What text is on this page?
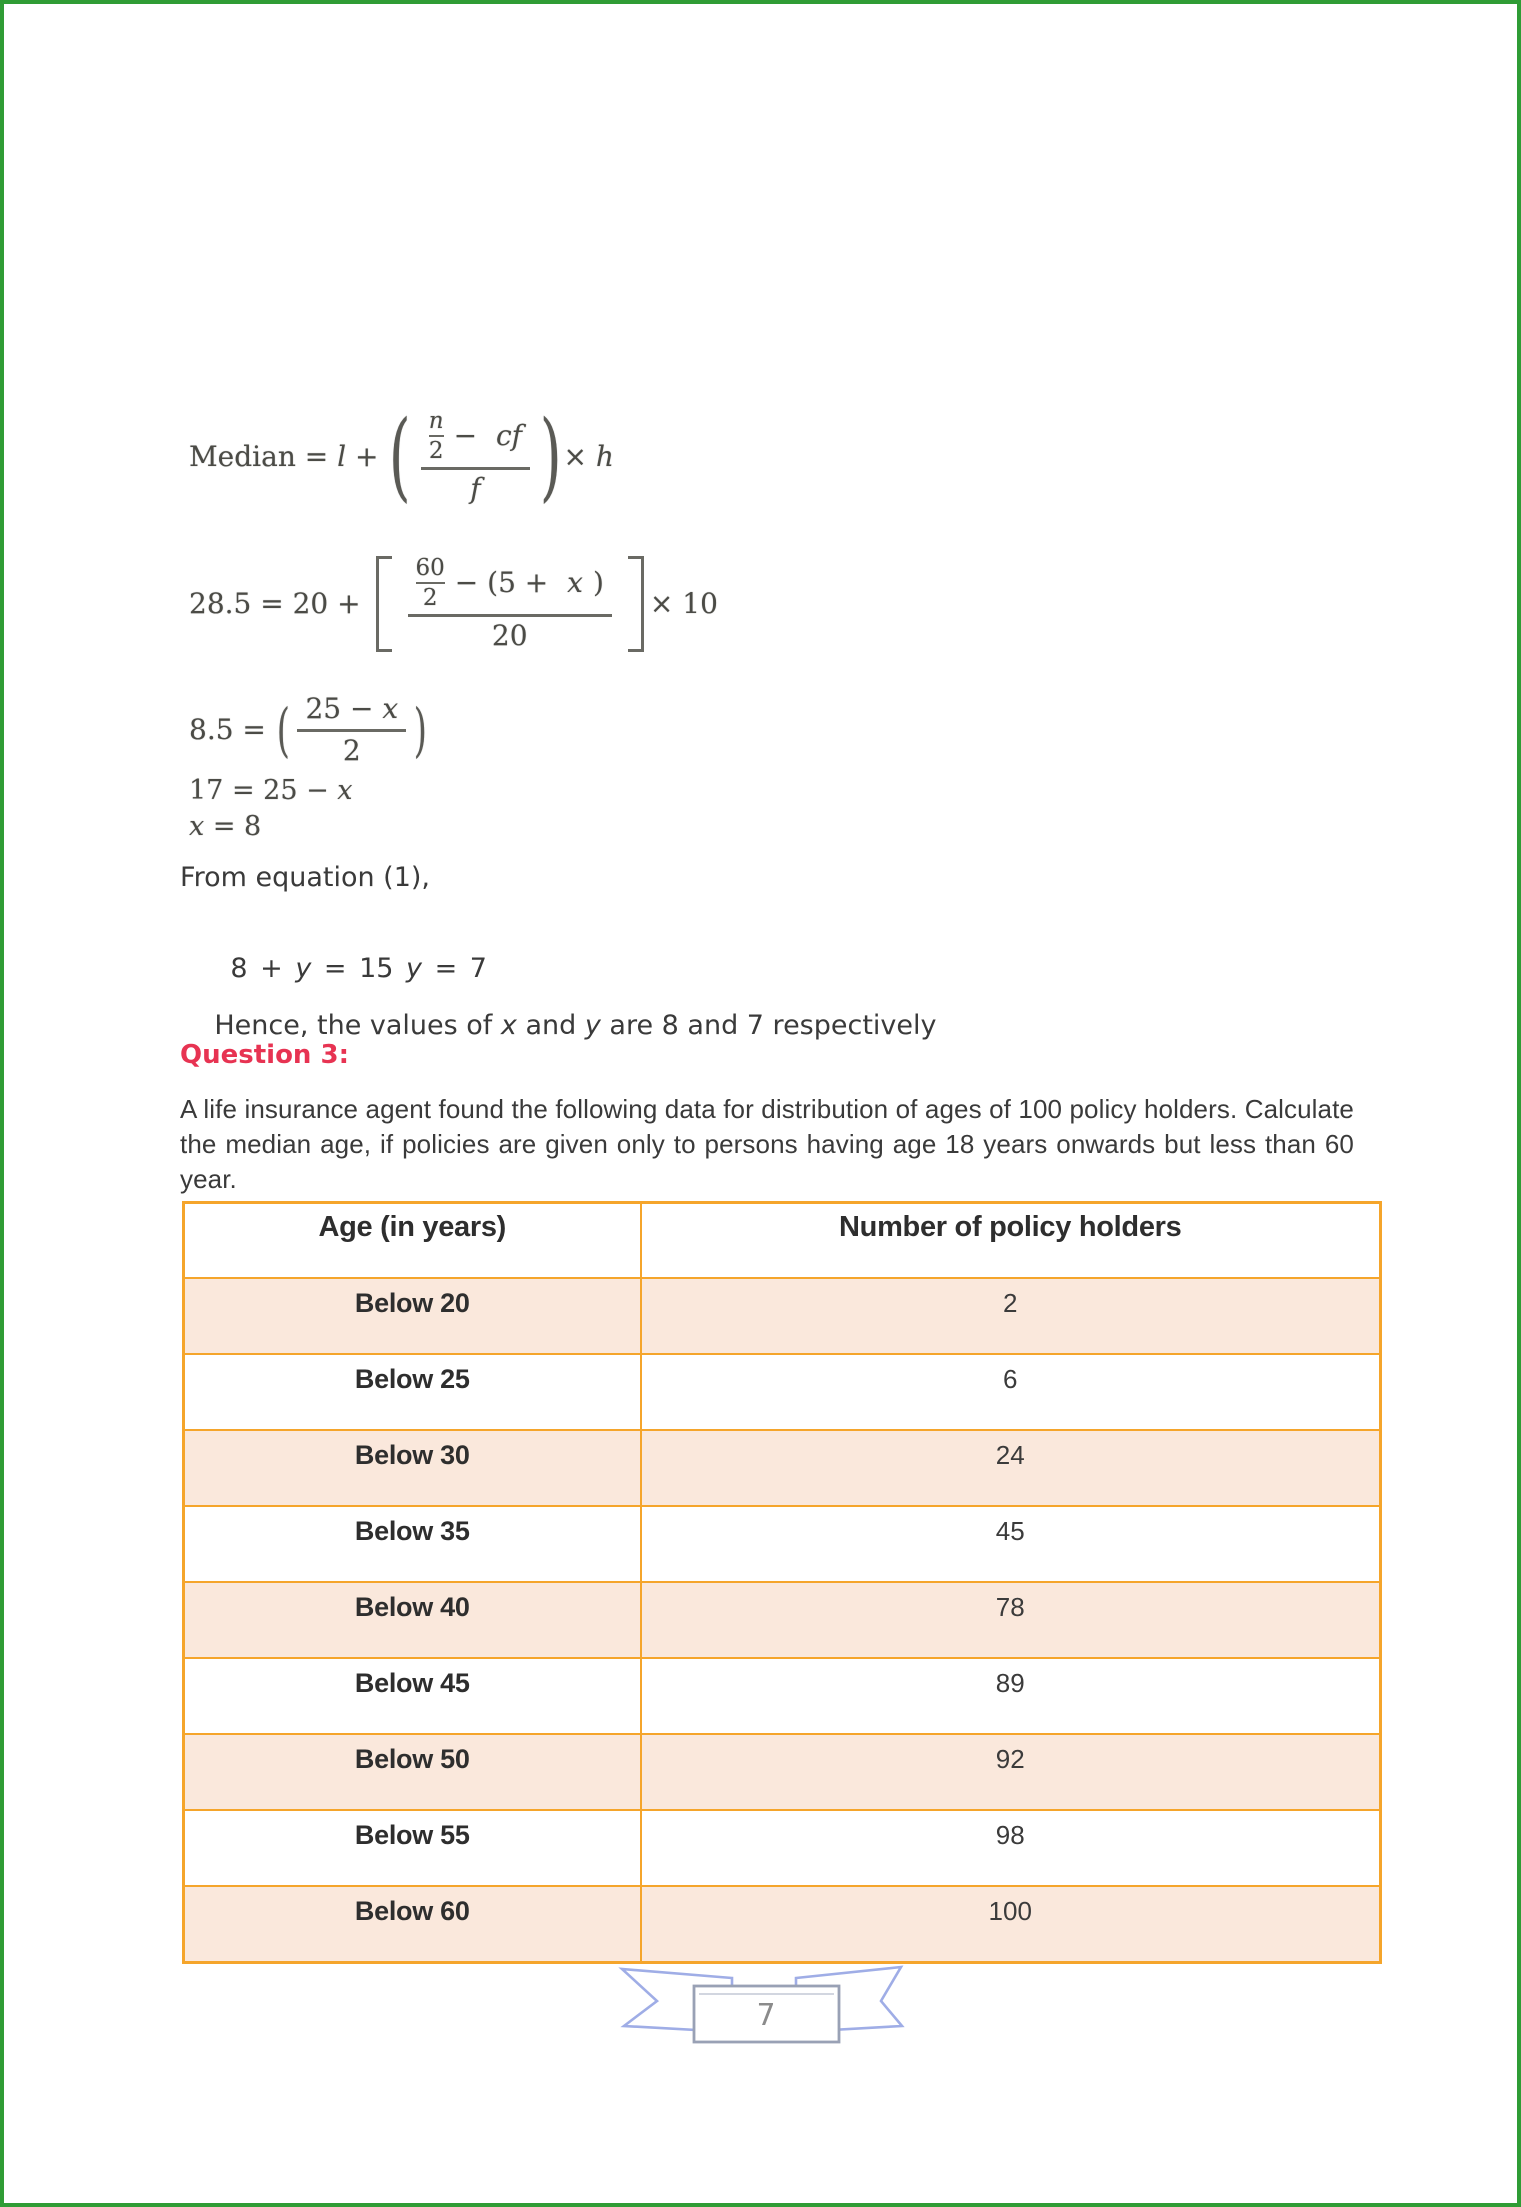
Median = l + ( n
2 − cf
f ) × h
28.5 = 20 + 60
2 − (5 + x )
20 × 10
8.5 = ( $\frac{25 - x}{2}$ )
17 = 25 − x
x = 8
From equation (1),

8 + y = 15 y = 7

Hence, the values of x and y are 8 and 7 respectively

Question 3:
A life insurance agent found the following data for distribution of ages of 100 policy holders. Calculate the median age, if policies are given only to persons having age 18 years onwards but less than 60 year.
Age (in years)	Number of policy holders
Below 20	2
Below 25	6
Below 30	24
Below 35	45
Below 40	78
Below 45	89
Below 50	92
Below 55	98
Below 60	100
7
